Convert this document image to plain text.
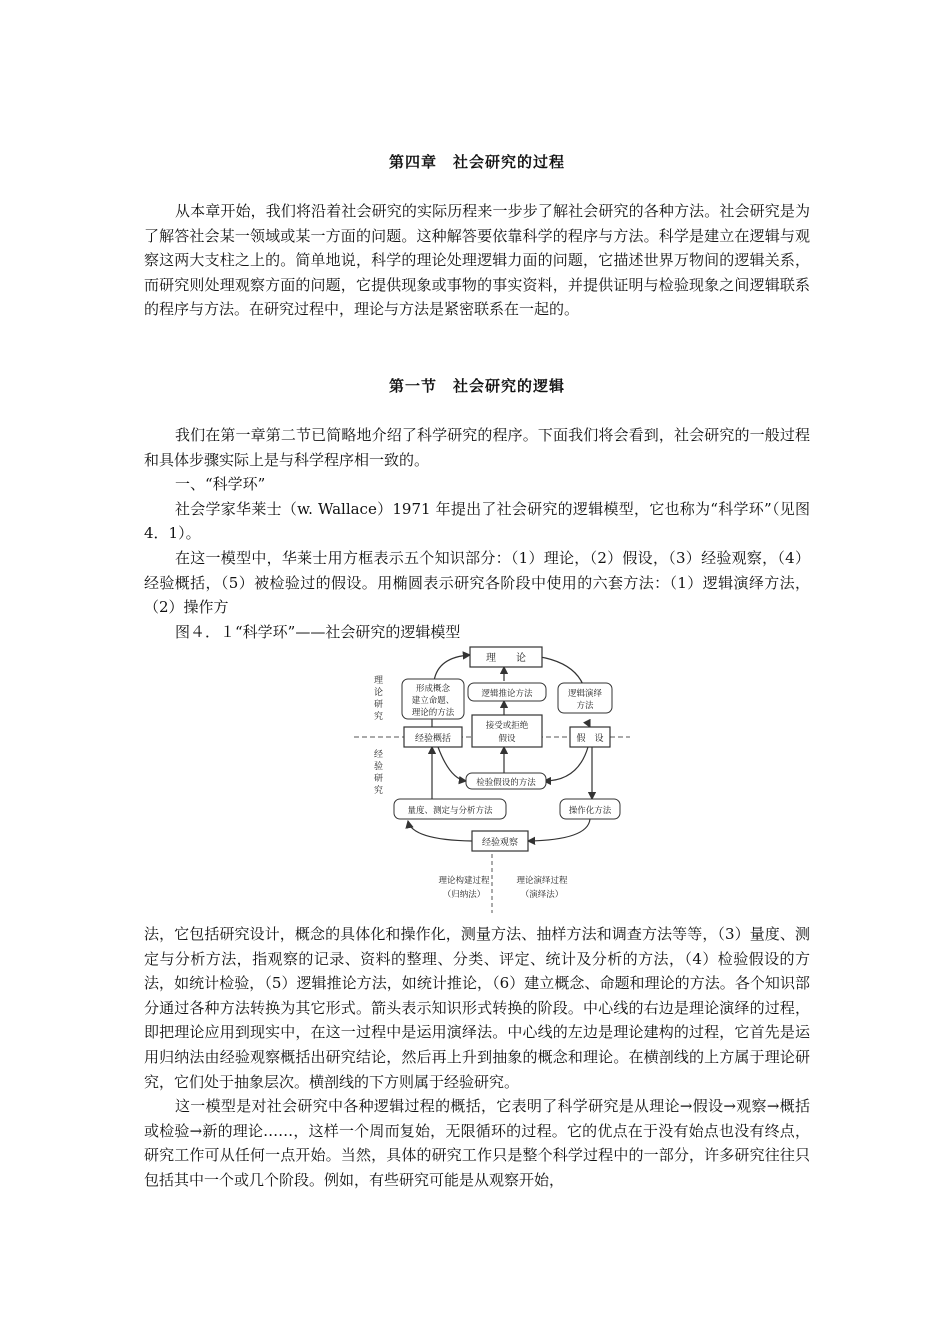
第四章　社会研究的过程

从本章开始，我们将沿着社会研究的实际历程来一步步了解社会研究的各种方法。社会研究是为了解答社会某一领域或某一方面的问题。这种解答要依靠科学的程序与方法。科学是建立在逻辑与观察这两大支柱之上的。简单地说，科学的理论处理逻辑力面的问题，它描述世界万物间的逻辑关系，而研究则处理观察方面的问题，它提供现象或事物的事实资料，并提供证明与检验现象之间逻辑联系的程序与方法。在研究过程中，理论与方法是紧密联系在一起的。

第一节　社会研究的逻辑

我们在第一章第二节已简略地介绍了科学研究的程序。下面我们将会看到，社会研究的一般过程和具体步骤实际上是与科学程序相一致的。

一、“科学环”

社会学家华莱士（w. Wallace）1971 年提出了社会研究的逻辑模型，它也称为“科学环”（见图4．1）。

在这一模型中，华莱士用方框表示五个知识部分：（1）理论，（2）假设，（3）经验观察，（4）经验概括，（5）被检验过的假设。用椭圆表示研究各阶段中使用的六套方法：（1）逻辑演绎方法，（2）操作方

图４．１“科学环”——社会研究的逻辑模型

法，它包括研究设计，概念的具体化和操作化，测量方法、抽样方法和调查方法等等，（3）量度、测定与分析方法，指观察的记录、资料的整理、分类、评定、统计及分析的方法，（4）检验假设的方法，如统计检验，（5）逻辑推论方法，如统计推论，（6）建立概念、命题和理论的方法。各个知识部分通过各种方法转换为其它形式。箭头表示知识形式转换的阶段。中心线的右边是理论演绎的过程，即把理论应用到现实中，在这一过程中是运用演绎法。中心线的左边是理论建构的过程，它首先是运用归纳法由经验观察概括出研究结论，然后再上升到抽象的概念和理论。在横剖线的上方属于理论研究，它们处于抽象层次。横剖线的下方则属于经验研究。

这一模型是对社会研究中各种逻辑过程的概括，它表明了科学研究是从理论→假设→观察→概括或检验→新的理论……，这样一个周而复始，无限循环的过程。它的优点在于没有始点也没有终点，研究工作可从任何一点开始。当然，具体的研究工作只是整个科学过程中的一部分，许多研究往往只包括其中一个或几个阶段。例如，有些研究可能是从观察开始，

理
论
研
究
经
验
研
究
理　　论
形成概念
建立命题、
理论的方法
逻辑推论方法	逻辑演绎
方法
接受或拒绝
假设
经验概括	假　设
检验假设的方法
量度、测定与分析方法	操作化方法
经验观察
理论构建过程
（归纳法）
理论演绎过程
（演绎法）
